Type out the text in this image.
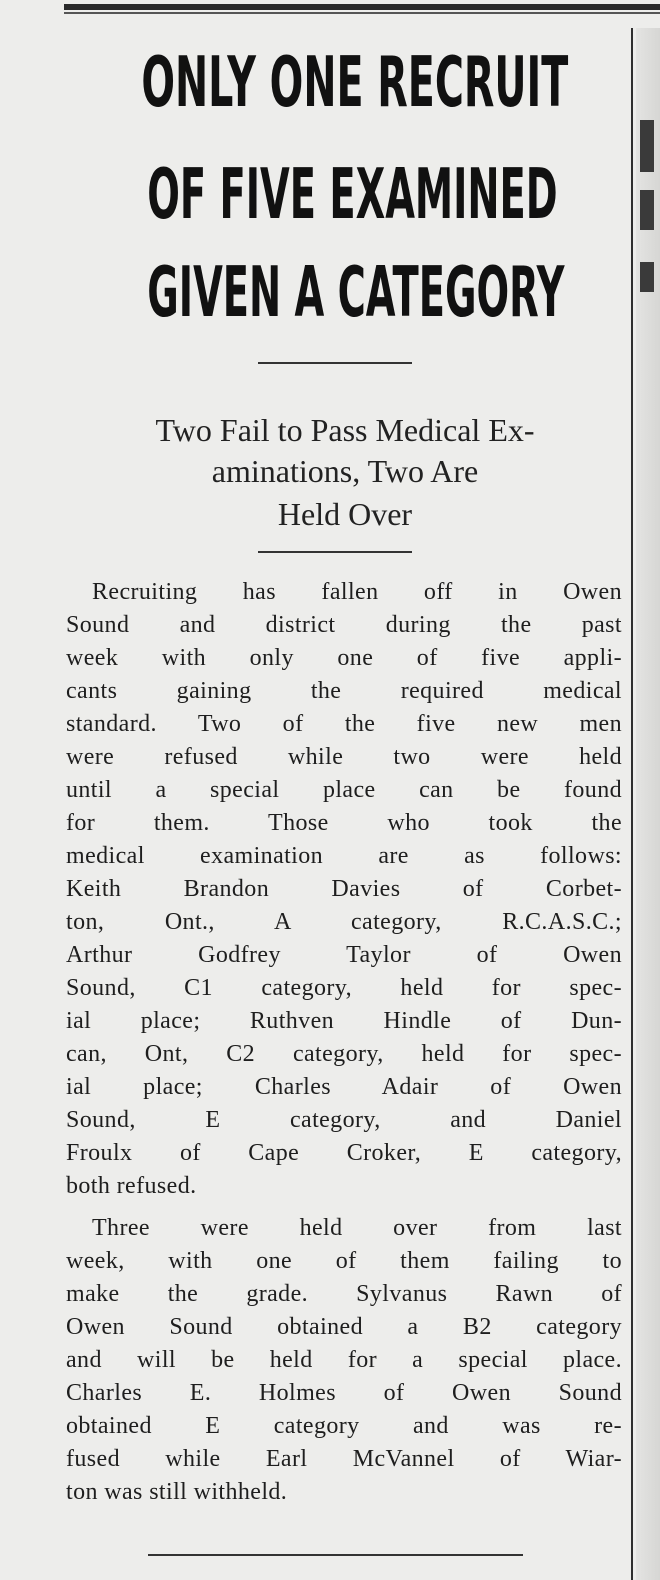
ONLY ONE RECRUIT
OF FIVE EXAMINED
GIVEN A CATEGORY
Two Fail to Pass Medical Ex-
aminations, Two Are
Held Over
Recruiting has fallen off in Owen
Sound and district during the past
week with only one of five appli-
cants gaining the required medical
standard. Two of the five new men
were refused while two were held
until a special place can be found
for them. Those who took the
medical examination are as follows:
Keith Brandon Davies of Corbet-
ton, Ont., A category, R.C.A.S.C.;
Arthur Godfrey Taylor of Owen
Sound, C1 category, held for spec-
ial place; Ruthven Hindle of Dun-
can, Ont, C2 category, held for spec-
ial place; Charles Adair of Owen
Sound, E category, and Daniel
Froulx of Cape Croker, E category,
both refused.
Three were held over from last
week, with one of them failing to
make the grade. Sylvanus Rawn of
Owen Sound obtained a B2 category
and will be held for a special place.
Charles E. Holmes of Owen Sound
obtained E category and was re-
fused while Earl McVannel of Wiar-
ton was still withheld.
